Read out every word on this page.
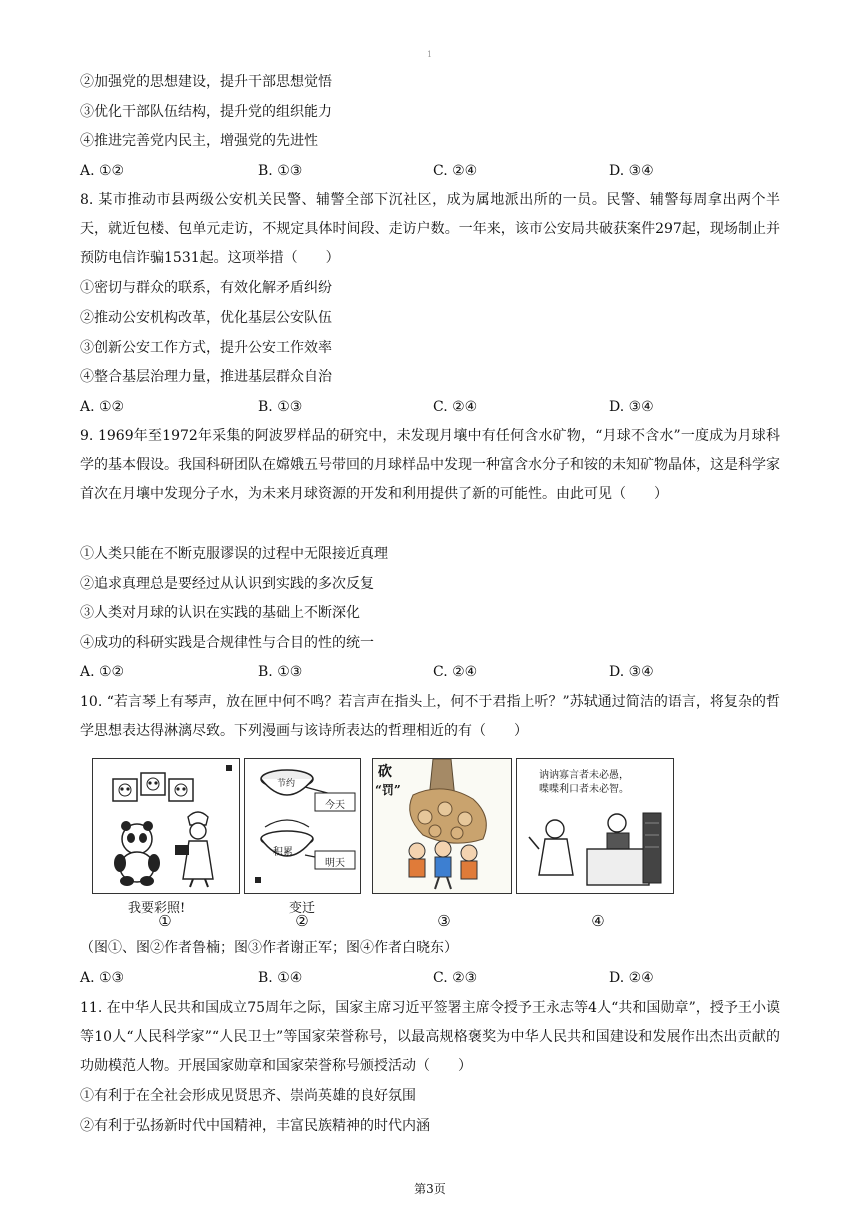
1
②加强党的思想建设，提升干部思想觉悟
③优化干部队伍结构，提升党的组织能力
④推进完善党内民主，增强党的先进性
A. ①②	B. ①③	C. ②④	D. ③④
8. 某市推动市县两级公安机关民警、辅警全部下沉社区，成为属地派出所的一员。民警、辅警每周拿出两个半天，就近包楼、包单元走访，不规定具体时间段、走访户数。一年来，该市公安局共破获案件297起，现场制止并预防电信诈骗1531起。这项举措（　　）
①密切与群众的联系，有效化解矛盾纠纷
②推动公安机构改革，优化基层公安队伍
③创新公安工作方式，提升公安工作效率
④整合基层治理力量，推进基层群众自治
A. ①②	B. ①③	C. ②④	D. ③④
9. 1969年至1972年采集的阿波罗样品的研究中，未发现月壤中有任何含水矿物，“月球不含水”一度成为月球科学的基本假设。我国科研团队在嫦娥五号带回的月球样品中发现一种富含水分子和铵的未知矿物晶体，这是科学家首次在月壤中发现分子水，为未来月球资源的开发和利用提供了新的可能性。由此可见（　　）
①人类只能在不断克服谬误的过程中无限接近真理
②追求真理总是要经过从认识到实践的多次反复
③人类对月球的认识在实践的基础上不断深化
④成功的科研实践是合规律性与合目的性的统一
A. ①②	B. ①③	C. ②④	D. ③④
10. “若言琴上有琴声，放在匣中何不鸣？若言声在指头上，何不于君指上听？”苏轼通过简洁的语言，将复杂的哲学思想表达得淋漓尽致。下列漫画与该诗所表达的哲理相近的有（　　）
我要彩照!
①
节约
今天
积累
明天
变迁
②
砍
“罚”
③
讷讷寡言者未必愚，
喋喋利口者未必智。
④
（图①、图②作者鲁楠；图③作者谢正军；图④作者白晓东）
A. ①③	B. ①④	C. ②③	D. ②④
11. 在中华人民共和国成立75周年之际，国家主席习近平签署主席令授予王永志等4人“共和国勋章”，授予王小谟等10人“人民科学家”“人民卫士”等国家荣誉称号，以最高规格褒奖为中华人民共和国建设和发展作出杰出贡献的功勋模范人物。开展国家勋章和国家荣誉称号颁授活动（　　）
①有利于在全社会形成见贤思齐、崇尚英雄的良好氛围
②有利于弘扬新时代中国精神，丰富民族精神的时代内涵
第3页
